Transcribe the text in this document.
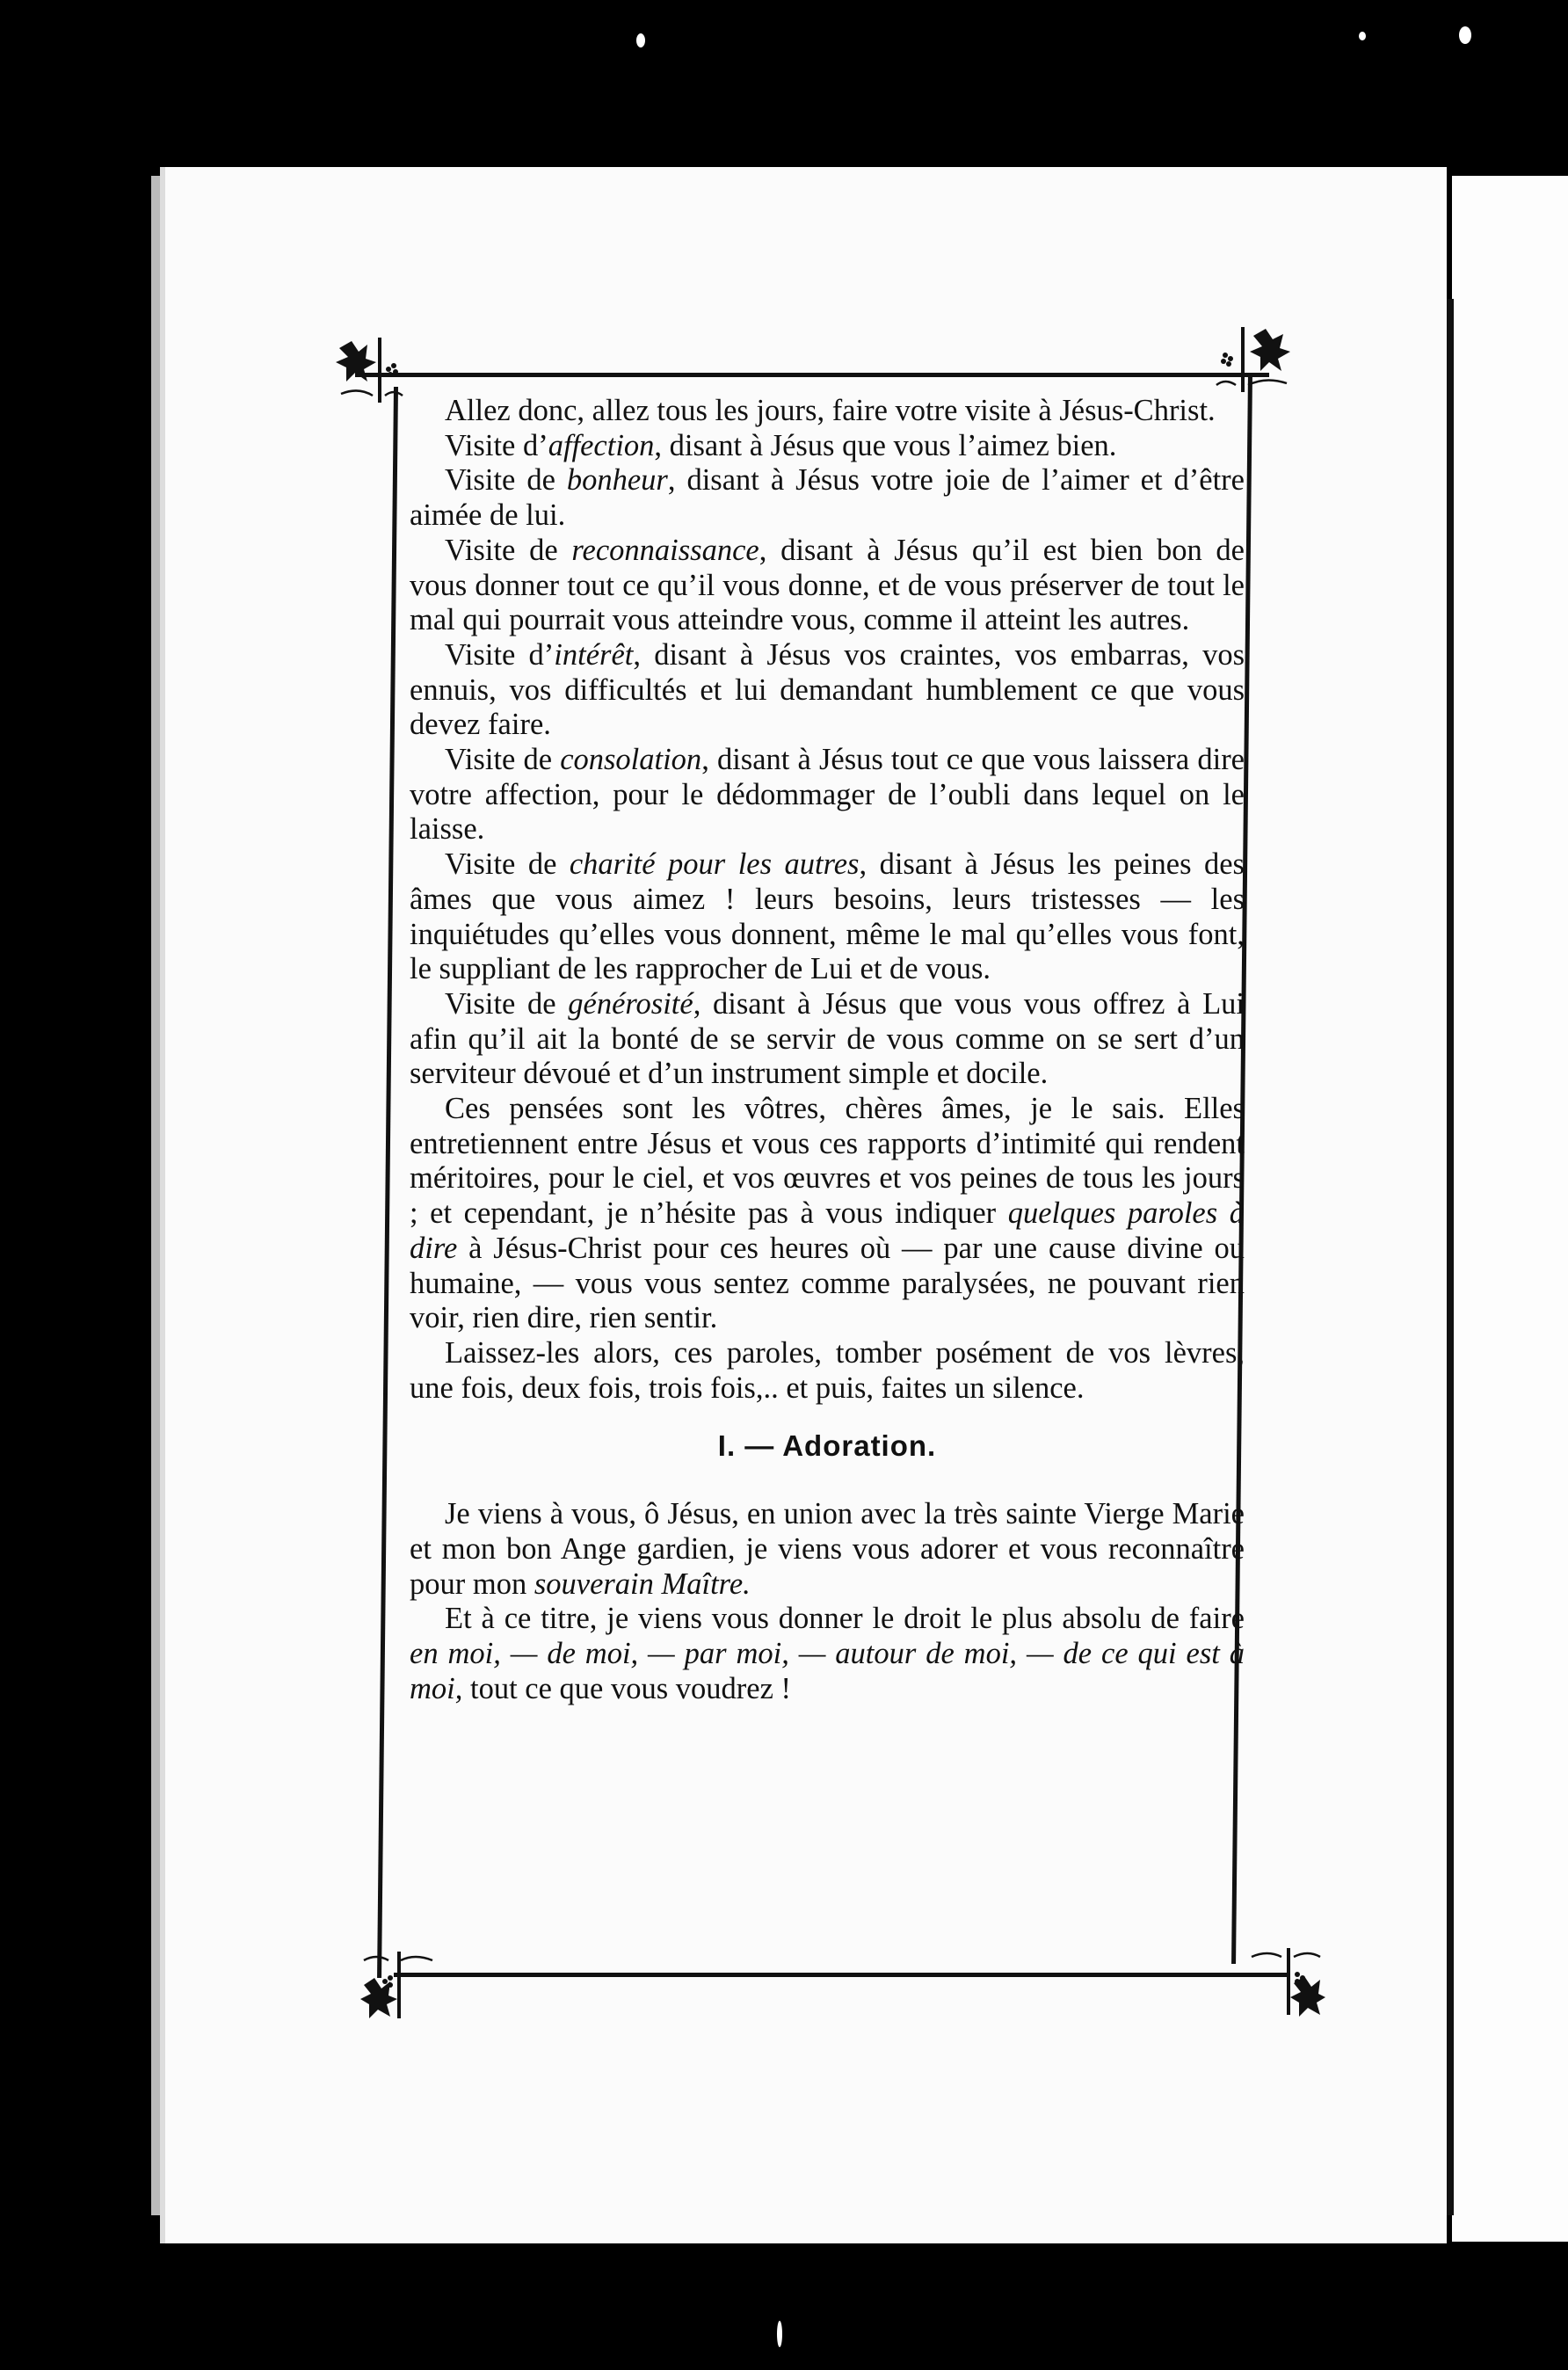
Allez donc, allez tous les jours, faire votre visite à Jésus-Christ.

Visite d’affection, disant à Jésus que vous l’aimez bien.

Visite de bonheur, disant à Jésus votre joie de l’aimer et d’être aimée de lui.

Visite de reconnaissance, disant à Jésus qu’il est bien bon de vous donner tout ce qu’il vous donne, et de vous préserver de tout le mal qui pourrait vous atteindre vous, comme il atteint les autres.

Visite d’intérêt, disant à Jésus vos craintes, vos embarras, vos ennuis, vos difficultés et lui demandant humblement ce que vous devez faire.

Visite de consolation, disant à Jésus tout ce que vous laissera dire votre affection, pour le dédommager de l’oubli dans lequel on le laisse.

Visite de charité pour les autres, disant à Jésus les peines des âmes que vous aimez ! leurs besoins, leurs tristesses — les inquiétudes qu’elles vous donnent, même le mal qu’elles vous font, le suppliant de les rapprocher de Lui et de vous.

Visite de générosité, disant à Jésus que vous vous offrez à Lui afin qu’il ait la bonté de se servir de vous comme on se sert d’un serviteur dévoué et d’un instrument simple et docile.

Ces pensées sont les vôtres, chères âmes, je le sais. Elles entretiennent entre Jésus et vous ces rapports d’intimité qui rendent méritoires, pour le ciel, et vos œuvres et vos peines de tous les jours ; et cependant, je n’hésite pas à vous indiquer quelques paroles à dire à Jésus-Christ pour ces heures où — par une cause divine ou humaine, — vous vous sentez comme paralysées, ne pouvant rien voir, rien dire, rien sentir.

Laissez-les alors, ces paroles, tomber posément de vos lèvres, une fois, deux fois, trois fois,.. et puis, faites un silence.

I. — Adoration.

Je viens à vous, ô Jésus, en union avec la très sainte Vierge Marie et mon bon Ange gardien, je viens vous adorer et vous reconnaître pour mon souverain Maître.

Et à ce titre, je viens vous donner le droit le plus absolu de faire en moi, — de moi, — par moi, — autour de moi, — de ce qui est à moi, tout ce que vous voudrez !
